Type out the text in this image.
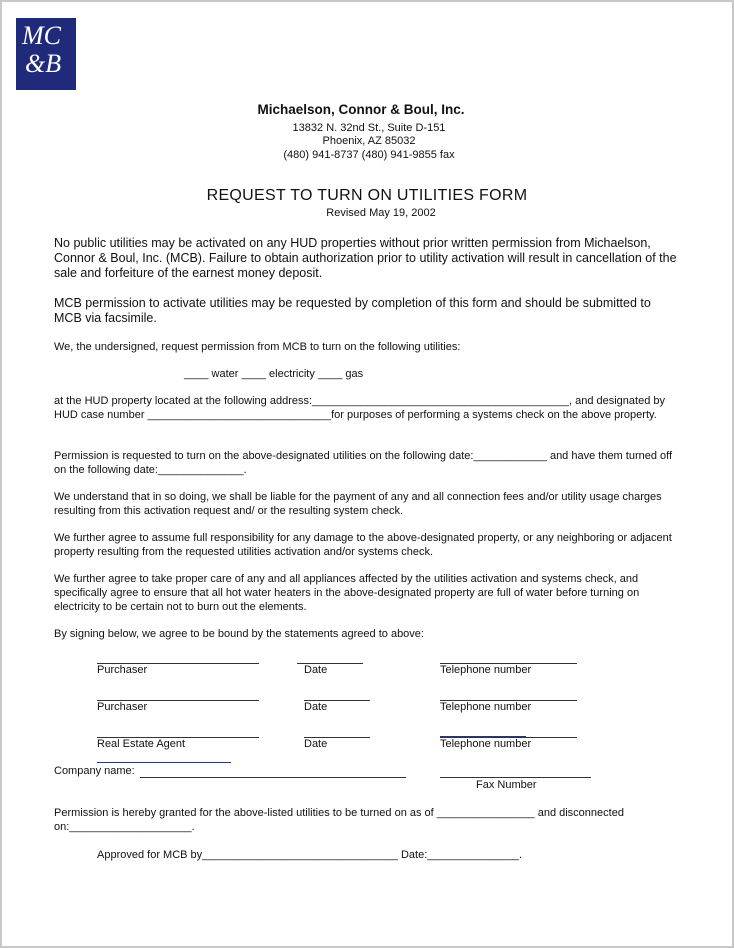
MC
&B
Michaelson, Connor & Boul, Inc.
13832 N. 32nd St., Suite D-151
Phoenix, AZ 85032
(480) 941-8737 (480) 941-9855 fax
REQUEST TO TURN ON UTILITIES FORM
Revised May 19, 2002
No public utilities may be activated on any HUD properties without prior written permission from Michaelson, Connor & Boul, Inc. (MCB). Failure to obtain authorization prior to utility activation will result in cancellation of the sale and forfeiture of the earnest money deposit.
MCB permission to activate utilities may be requested by completion of this form and should be submitted to MCB via facsimile.
We, the undersigned, request permission from MCB to turn on the following utilities:
____ water ____ electricity ____ gas
at the HUD property located at the following address:__________________________________________, and designated by HUD case number ______________________________for purposes of performing a systems check on the above property.
Permission is requested to turn on the above-designated utilities on the following date:____________ and have them turned off on the following date:______________.
We understand that in so doing, we shall be liable for the payment of any and all connection fees and/or utility usage charges resulting from this activation request and/ or the resulting system check.
We further agree to assume full responsibility for any damage to the above-designated property, or any neighboring or adjacent property resulting from the requested utilities activation and/or systems check.
We further agree to take proper care of any and all appliances affected by the utilities activation and systems check, and specifically agree to ensure that all hot water heaters in the above-designated property are full of water before turning on electricity to be certain not to burn out the elements.
By signing below, we agree to be bound by the statements agreed to above:
Purchaser	Date	Telephone number
Purchaser	Date	Telephone number
Real Estate Agent	Date	Telephone number
Company name:
Fax Number
Permission is hereby granted for the above-listed utilities to be turned on as of ________________ and disconnected on:____________________.
Approved for MCB by________________________________ Date:_______________.
